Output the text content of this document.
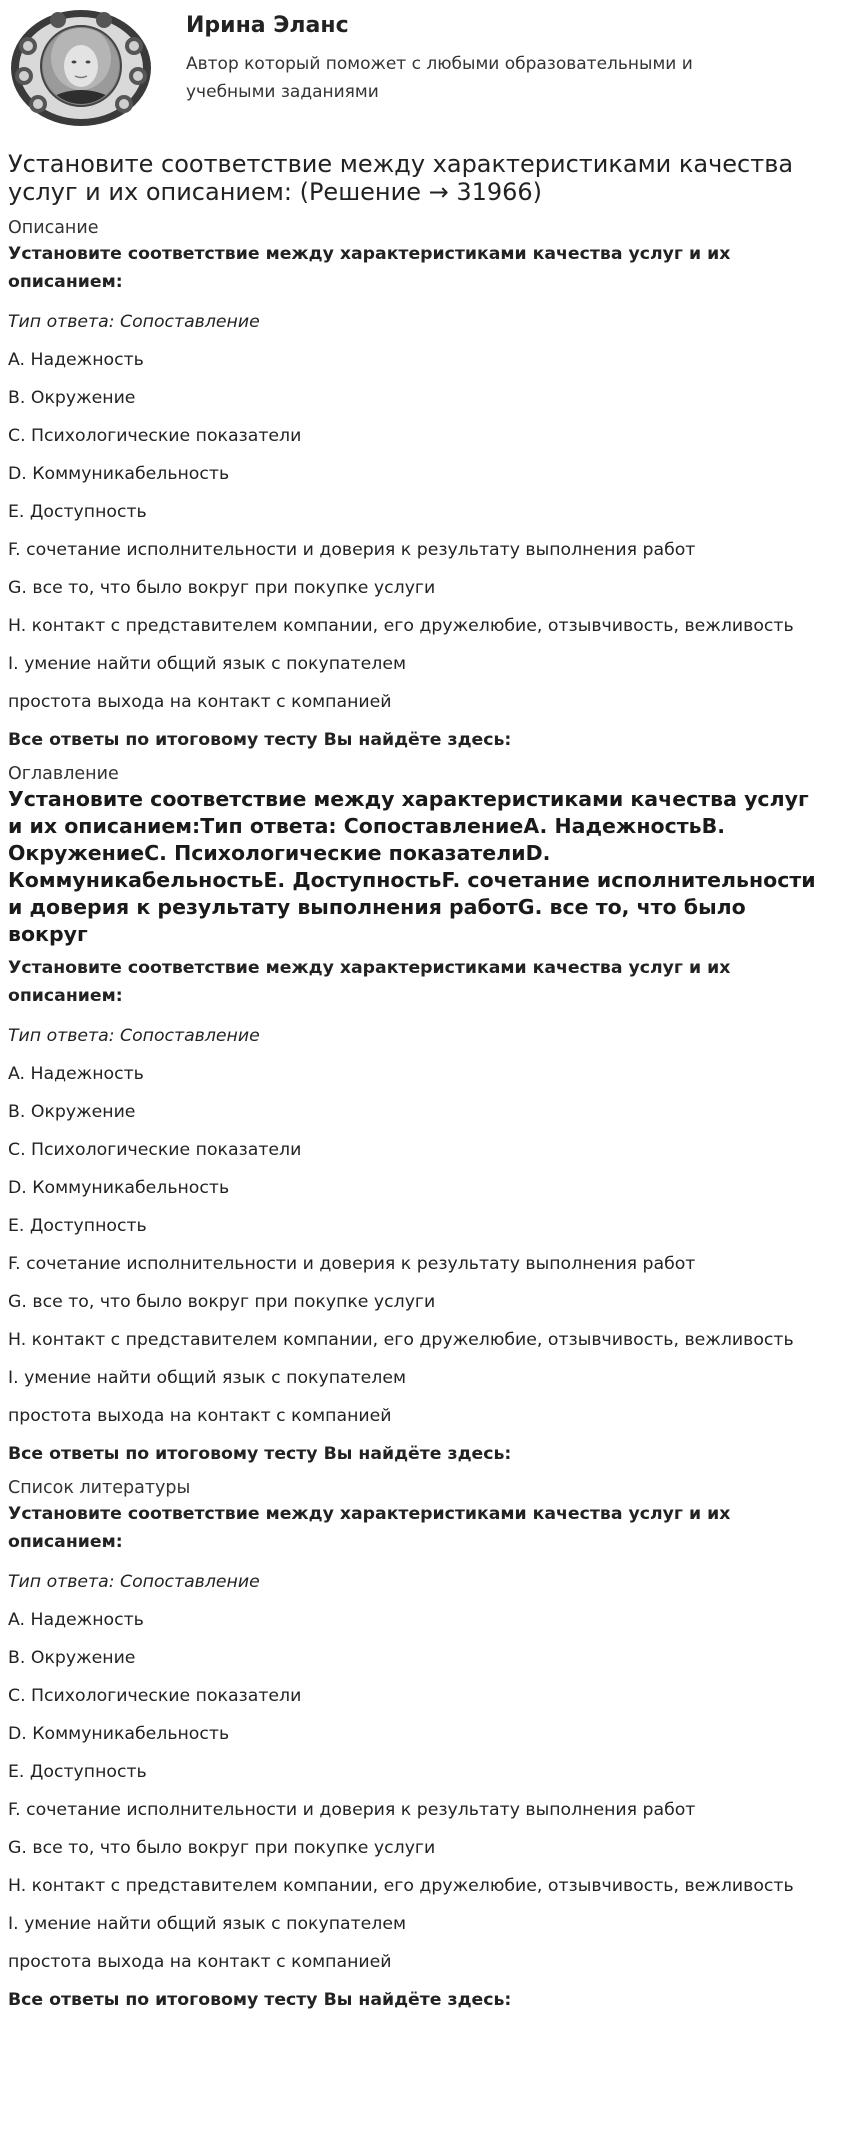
Ирина Эланс
Автор который поможет с любыми образовательными и учебными заданиями
Установите соответствие между характеристиками качества услуг и их описанием: (Решение → 31966)
Описание

Установите соответствие между характеристиками качества услуг и их описанием:

Тип ответа: Сопоставление

A. Надежность

B. Окружение

C. Психологические показатели

D. Коммуникабельность

E. Доступность

F. сочетание исполнительности и доверия к результату выполнения работ

G. все то, что было вокруг при покупке услуги

H. контакт с представителем компании, его дружелюбие, отзывчивость, вежливость

I. умение найти общий язык с покупателем

простота выхода на контакт с компанией

Все ответы по итоговому тесту Вы найдёте здесь:

Оглавление
Установите соответствие между характеристиками качества услуг и их описанием:Тип ответа: СопоставлениеA. НадежностьB. ОкружениеC. Психологические показателиD. КоммуникабельностьE. ДоступностьF. сочетание исполнительности и доверия к результату выполнения работG. все то, что было вокруг

Установите соответствие между характеристиками качества услуг и их описанием:

Тип ответа: Сопоставление

A. Надежность

B. Окружение

C. Психологические показатели

D. Коммуникабельность

E. Доступность

F. сочетание исполнительности и доверия к результату выполнения работ

G. все то, что было вокруг при покупке услуги

H. контакт с представителем компании, его дружелюбие, отзывчивость, вежливость

I. умение найти общий язык с покупателем

простота выхода на контакт с компанией

Все ответы по итоговому тесту Вы найдёте здесь:

Список литературы

Установите соответствие между характеристиками качества услуг и их описанием:

Тип ответа: Сопоставление

A. Надежность

B. Окружение

C. Психологические показатели

D. Коммуникабельность

E. Доступность

F. сочетание исполнительности и доверия к результату выполнения работ

G. все то, что было вокруг при покупке услуги

H. контакт с представителем компании, его дружелюбие, отзывчивость, вежливость

I. умение найти общий язык с покупателем

простота выхода на контакт с компанией

Все ответы по итоговому тесту Вы найдёте здесь:
